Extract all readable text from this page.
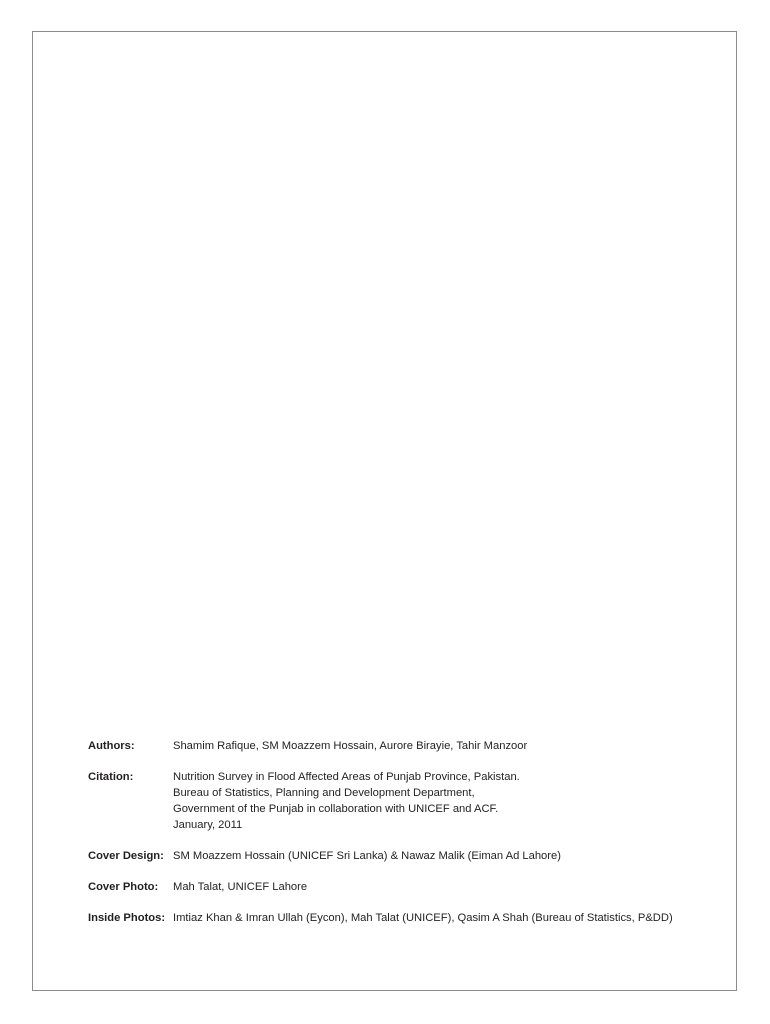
Authors:	Shamim Rafique, SM Moazzem Hossain, Aurore Birayie, Tahir Manzoor
Citation:	Nutrition Survey in Flood Affected Areas of Punjab Province, Pakistan.
Bureau of Statistics, Planning and Development Department,
Government of the Punjab in collaboration with UNICEF and ACF.
January, 2011
Cover Design: SM Moazzem Hossain (UNICEF Sri Lanka) & Nawaz Malik (Eiman Ad Lahore)
Cover Photo:	Mah Talat, UNICEF Lahore
Inside Photos: Imtiaz Khan & Imran Ullah (Eycon), Mah Talat (UNICEF), Qasim A Shah (Bureau of Statistics, P&DD)
